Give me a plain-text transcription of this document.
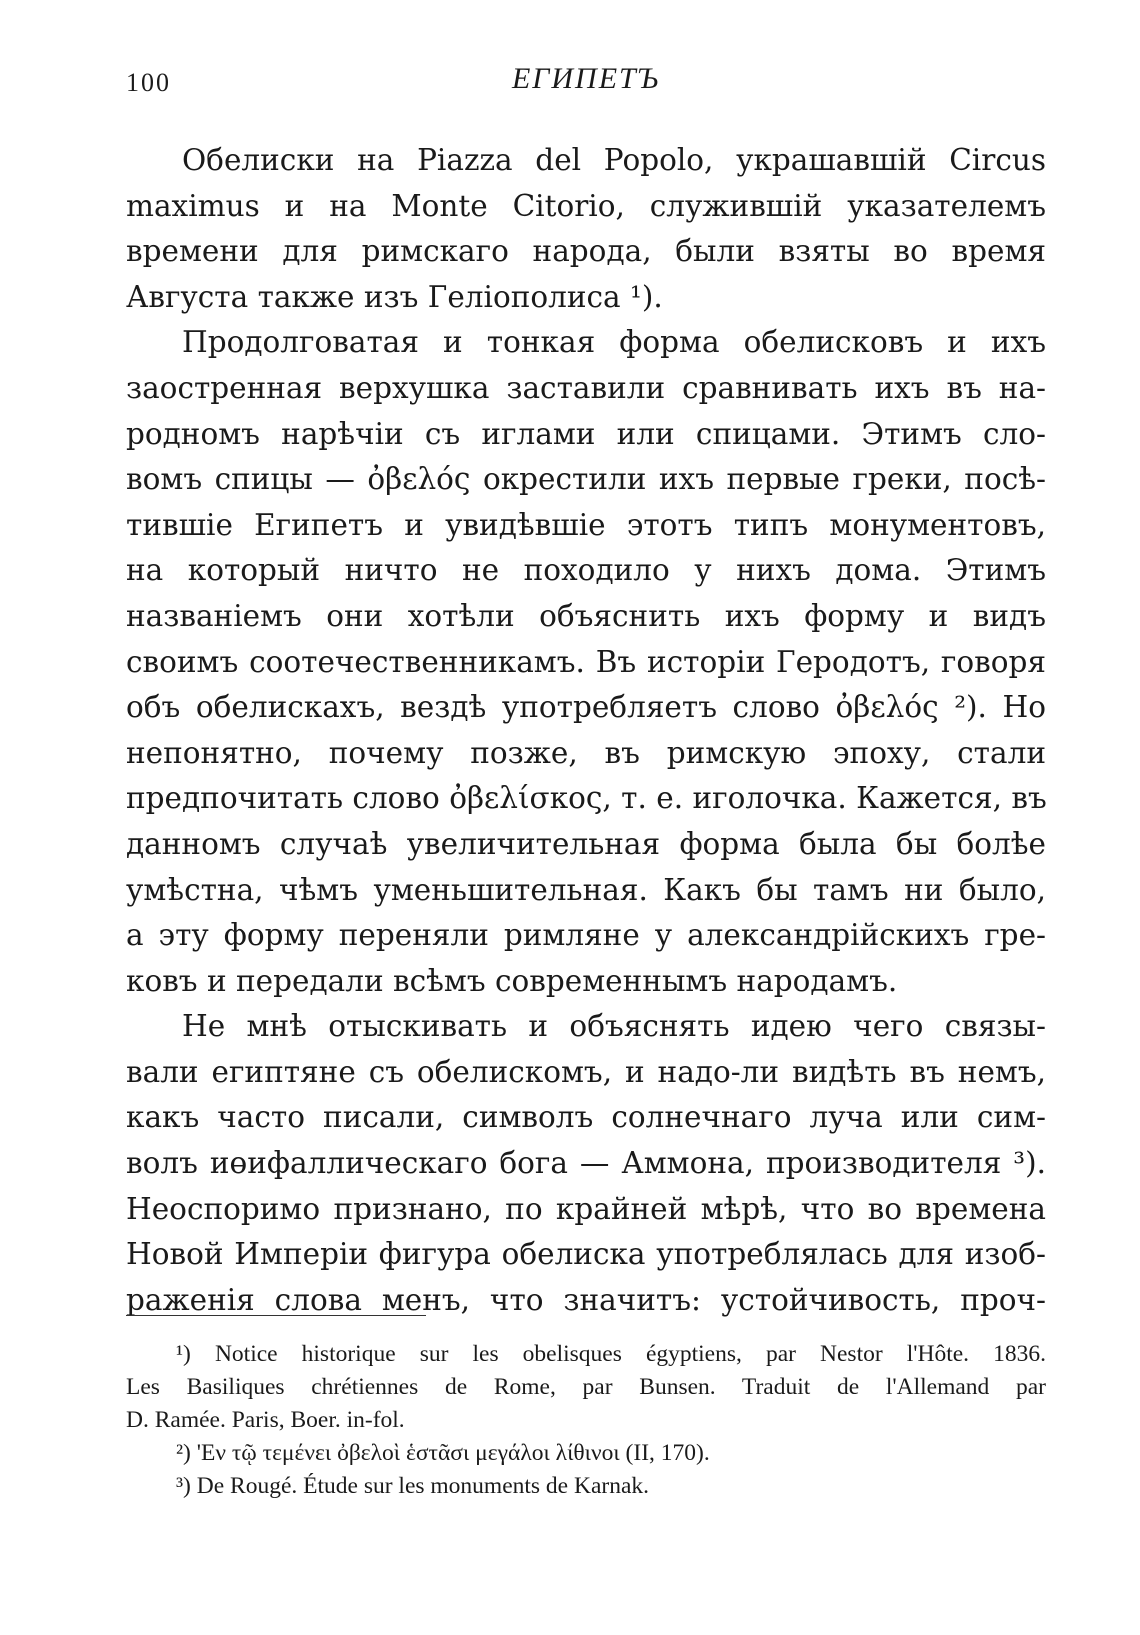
100	ЕГИПЕТЪ
Обелиски на Piazza del Popolo, украшавшій Circus
maximus и на Monte Citorio, служившій указателемъ
времени для римскаго народа, были взяты во время
Августа также изъ Геліополиса ¹).
Продолговатая и тонкая форма обелисковъ и ихъ
заостренная верхушка заставили сравнивать ихъ въ на-
родномъ нарѣчіи съ иглами или спицами. Этимъ сло-
вомъ спицы — ὀβελός окрестили ихъ первые греки, посѣ-
тившіе Египетъ и увидѣвшіе этотъ типъ монументовъ,
на который ничто не походило у нихъ дома. Этимъ
названіемъ они хотѣли объяснить ихъ форму и видъ
своимъ соотечественникамъ. Въ исторіи Геродотъ, говоря
объ обелискахъ, вездѣ употребляетъ слово ὀβελός ²). Но
непонятно, почему позже, въ римскую эпоху, стали
предпочитать слово ὀβελίσκος, т. е. иголочка. Кажется, въ
данномъ случаѣ увеличительная форма была бы болѣе
умѣстна, чѣмъ уменьшительная. Какъ бы тамъ ни было,
а эту форму переняли римляне у александрійскихъ гре-
ковъ и передали всѣмъ современнымъ народамъ.
Не мнѣ отыскивать и объяснять идею чего связы-
вали египтяне съ обелискомъ, и надо-ли видѣть въ немъ,
какъ часто писали, символъ солнечнаго луча или сим-
волъ иөифаллическаго бога — Аммона, производителя ³).
Неоспоримо признано, по крайней мѣрѣ, что во времена
Новой Имперіи фигура обелиска употреблялась для изоб-
раженія слова менъ, что значитъ: устойчивость, проч-
¹) Notice historique sur les obelisques égyptiens, par Nestor l'Hôte. 1836.
Les Basiliques chrétiennes de Rome, par Bunsen. Traduit de l'Allemand par
D. Ramée. Paris, Boer. in-fol.
²) 'Εν τῷ τεμένει ὀβελοὶ ἑστᾶσι μεγάλοι λίθινοι (II, 170).
³) De Rougé. Étude sur les monuments de Karnak.
